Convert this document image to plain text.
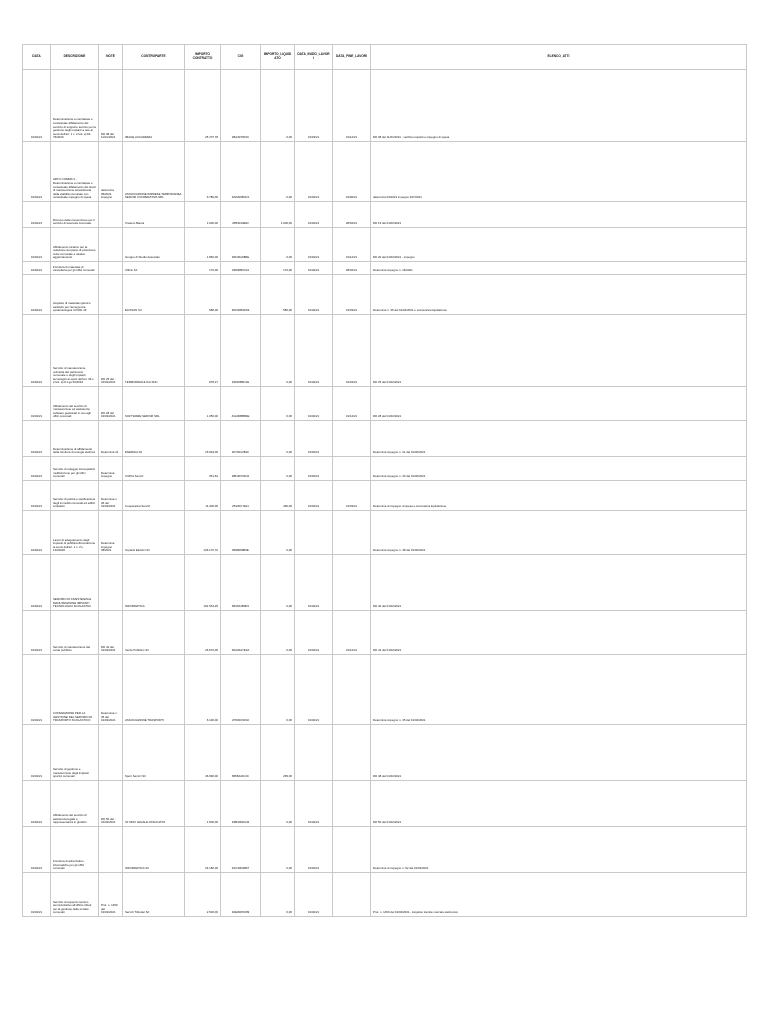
DATA	DESCRIZIONE	NOTE	CONTROPARTE	IMPORTO CONTRATTO	CIG	IMPORTO_LIQUIDATO	DATA_INIZIO_LAVORI	DATA_FINE_LAVORI	ELENCO_ATTI
01/02/21	Determinazione a contrattare e contestuale affidamento del servizio di supporto tecnico per la gestione degli impianti a rete ai sensi dell'art. 1 c. 2 lett. a) DL 76/2020	DD 08 del 11/01/2021	IMAGE ACCADEMIA	25.707,78	Z8A3079F3C	0,00	01/03/21	31/12/21	DD 08 del 11/01/2021 - verifica requisiti e impegno di spesa
01/02/21	ART.6 COMMA 3 - Determinazione a contrattare e contestuale affidamento dei lavori di manutenzione straordinaria della viabilità comunale con contestuale impegno di spesa	determina 05/2021 impegno	ASSOCIAZIONE IMPRESE TEMPORANEA SERVIZI COOPERATIVA SRL	9.786,00	ZA03098CD1	0,00	01/02/21	01/06/21	determina 03/2021 impegno 947/2021
01/02/21	Rinnovo della convenzione per il servizio di tesoreria comunale		Credem Banca	1.000,00	Z853019E52	1.000,00	01/02/21	28/02/21	DD 15 del 01/02/2021
01/02/21	Affidamento incarico per la redazione del piano di protezione civile comunale e relativo aggiornamento		Gruppo di Studio Associato	1.860,00	Z0F30A9B6E	0,00	01/02/21	31/12/21	DD 20 del 01/02/2021 - impegno
01/02/21	Fornitura di materiale di cancelleria per gli uffici comunali		Ufficio Srl	170,00	Z9630B0C24	170,00	01/02/21	28/02/21	Determina impegno n. 26/2021
01/02/21	Acquisto di materiale igienico sanitario per l'emergenza epidemiologica COVID-19		ECOSAN Srl	580,00	Z0F30B4DA9	580,00	01/02/21	31/03/21	Determina n. 35 del 01/02/2021 e successiva liquidazione
01/02/21	Servizio di manutenzione ordinaria del patrimonio comunale e degli impianti tecnologici ai sensi dell'art. 36 c. 2 lett. a) D.Lgs 50/2016	DD 25 del 01/02/2021	TERMOIDRAULICA SNC	878,27	Z2630B8C1E	0,00	01/02/21	01/04/21	DD 25 del 01/02/2021
01/02/21	Affidamento del servizio di manutenzione ed assistenza software gestionali in uso agli uffici comunali	DD 28 del 01/02/2021	SOFTWARE SERVIZI SRL	1.350,00	Z1A30BBB4E	0,00	01/02/21	31/12/21	DD 28 del 01/02/2021
01/02/21	Determinazione di affidamento della fornitura di energia elettrica	Determina 31	ENERGIA Srl	15.994,00	Z0730C2B1F	0,00	01/02/21		Determina impegno n. 31 del 01/02/2021
01/02/21	Servizio di noleggio fotocopiatrici multifunzione per gli uffici comunali	Determina impegno	COPIA Servizi	351,62	Z8F30C5D41	0,00	01/02/21		Determina impegno n. 33 del 01/02/2021
01/02/21	Servizio di pulizia e sanificazione degli immobili comunali ed edifici scolastici	Determina n. 36 del 01/02/2021	Cooperativa Servizi	11.400,00	Z5130C7E11	460,00	01/02/21	31/03/21	Determina di impegno di spesa e successiva liquidazione
01/02/21	Lavori di adeguamento degli impianti di pubblica illuminazione ai sensi dell'art. 1 c. 2 L. 120/2020	Determina impegno 38/2021	Impianti Elettrici Srl	106.170,70	8698099B0E	0,00			Determina impegno n. 38 del 01/02/2021
01/02/21	SERVIZIO DI ASSISTENZA E MANUTENZIONE IMPIANTI TECNOLOGICI SCOLASTICI		INFORMATICA	191.564,25	8630A1B9F6	0,00	01/02/21		DD 40 del 01/02/2021
01/02/21	Servizio di manutenzione del verde pubblico	DD 42 del 01/02/2021	Verde Pubblico Srl	26.570,00	Z0A30A7E3A	0,00	01/02/21	31/12/21	DD 42 del 01/02/2021
01/02/21	CONVENZIONE PER LA GESTIONE DEL SERVIZIO DI TRASPORTO SCOLASTICO	Determina n. 45 del 01/02/2021	ASSOCIAZIONE TRASPORTI	6.100,00	Z7630C9F02	0,00	01/02/21		Determina impegno n. 45 del 01/02/2021
01/02/21	Servizio di gestione e manutenzione degli impianti sportivi comunali		Sport Servizi Srl	46.990,00	8658A21F4C	265,00			DD 48 del 01/02/2021
01/02/21	Affidamento del servizio di assistenza legale e rappresentanza in giudizio	DD 50 del 01/02/2021	STUDIO LEGALE ASSOCIATO	1.500,00	Z3B30D0A43	0,00	01/02/21		DD 50 del 01/02/2021
01/02/21	Fornitura di attrezzature informatiche per gli uffici comunali		INFORMATICA Srl	24.180,00	Z4C30D2B67	0,00	01/02/21		Determina di impegno n. 52 del 01/02/2021
01/02/21	Servizio di supporto tecnico amministrativo all'ufficio tributi per la gestione delle entrate comunali	Prot. n. 1450 del 01/02/2021	Servizi Tributari Srl	2.500,00	Z2E30D5C89	0,00	01/02/21		Prot. n. 1450 del 01/02/2021 - Acquisto tramite mercato elettronico
